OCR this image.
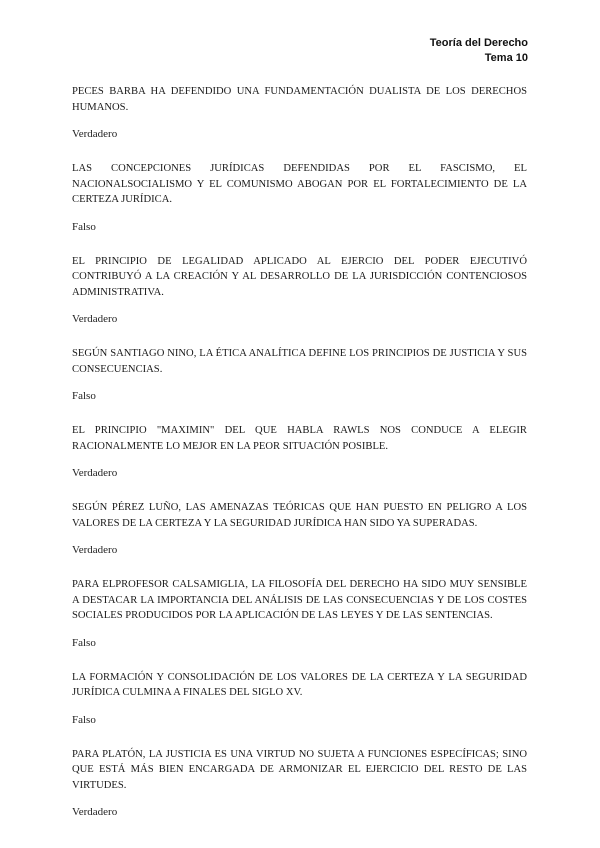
Teoría del Derecho
Tema 10

PECES BARBA HA DEFENDIDO UNA FUNDAMENTACIÓN DUALISTA DE LOS DERECHOS HUMANOS.

Verdadero

LAS CONCEPCIONES JURÍDICAS DEFENDIDAS POR EL FASCISMO, EL NACIONALSOCIALISMO Y EL COMUNISMO ABOGAN POR EL FORTALECIMIENTO DE LA CERTEZA JURÍDICA.

Falso

EL PRINCIPIO DE LEGALIDAD APLICADO AL EJERCIO DEL PODER EJECUTIVÓ CONTRIBUYÓ A LA CREACIÓN Y AL DESARROLLO DE LA JURISDICCIÓN CONTENCIOSOS ADMINISTRATIVA.

Verdadero

SEGÚN SANTIAGO NINO, LA ÉTICA ANALÍTICA DEFINE LOS PRINCIPIOS DE JUSTICIA Y SUS CONSECUENCIAS.

Falso

EL PRINCIPIO "MAXIMIN" DEL QUE HABLA RAWLS NOS CONDUCE A ELEGIR RACIONALMENTE LO MEJOR EN LA PEOR SITUACIÓN POSIBLE.

Verdadero

SEGÚN PÉREZ LUÑO, LAS AMENAZAS TEÓRICAS QUE HAN PUESTO EN PELIGRO A LOS VALORES DE LA CERTEZA Y LA SEGURIDAD JURÍDICA HAN SIDO YA SUPERADAS.

Verdadero

PARA ELPROFESOR CALSAMIGLIA, LA FILOSOFÍA DEL DERECHO HA SIDO MUY SENSIBLE A DESTACAR LA IMPORTANCIA DEL ANÁLISIS DE LAS CONSECUENCIAS Y DE LOS COSTES SOCIALES PRODUCIDOS POR LA APLICACIÓN DE LAS LEYES Y DE LAS SENTENCIAS.

Falso

LA FORMACIÓN Y CONSOLIDACIÓN DE LOS VALORES DE LA CERTEZA Y LA SEGURIDAD JURÍDICA CULMINA A FINALES DEL SIGLO XV.

Falso

PARA PLATÓN, LA JUSTICIA ES UNA VIRTUD NO SUJETA A FUNCIONES ESPECÍFICAS; SINO QUE ESTÁ MÁS BIEN ENCARGADA DE ARMONIZAR EL EJERCICIO DEL RESTO DE LAS VIRTUDES.

Verdadero
